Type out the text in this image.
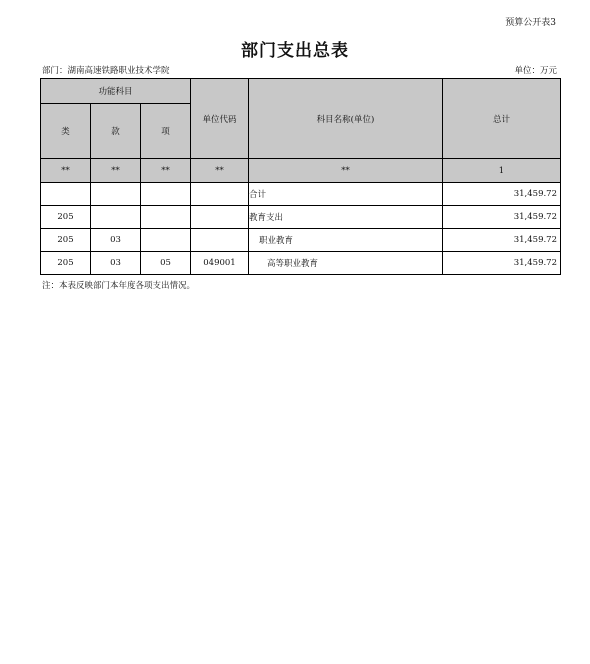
预算公开表3
部门支出总表
部门：湖南高速铁路职业技术学院	单位：万元
功能科目			单位代码	科目名称(单位)	总计
类	款	项			
**	**	**	**	**	1
				合计	31,459.72
205				教育支出	31,459.72
205	03			职业教育	31,459.72
205	03	05	049001	高等职业教育	31,459.72
注：本表反映部门本年度各项支出情况。
